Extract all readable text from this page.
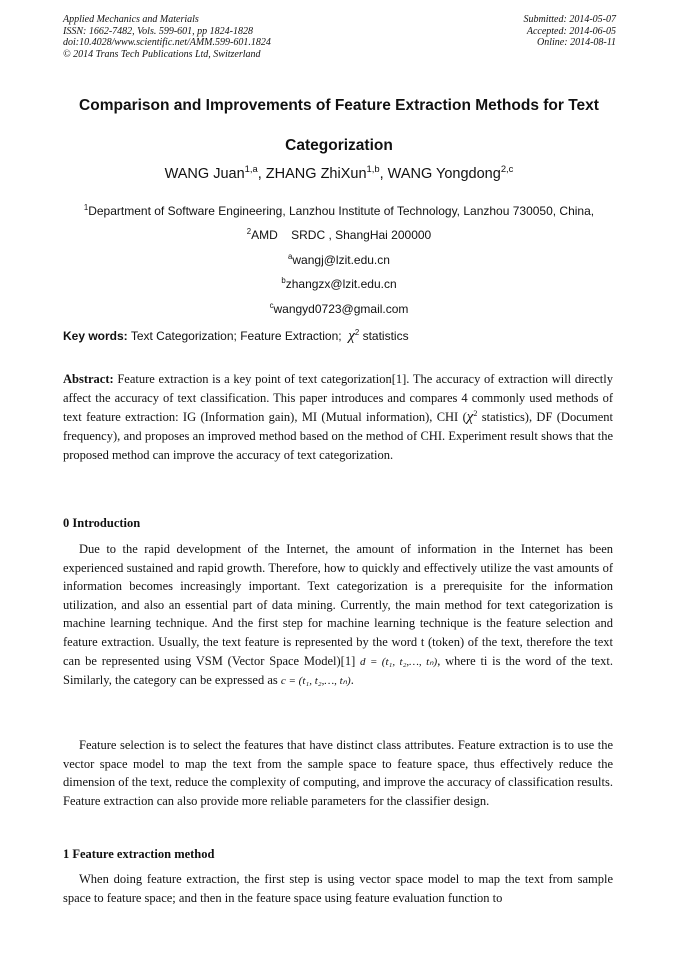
Applied Mechanics and Materials
ISSN: 1662-7482, Vols. 599-601, pp 1824-1828
doi:10.4028/www.scientific.net/AMM.599-601.1824
© 2014 Trans Tech Publications Ltd, Switzerland
Submitted: 2014-05-07
Accepted: 2014-06-05
Online: 2014-08-11
Comparison and Improvements of Feature Extraction Methods for Text
Categorization
WANG Juan$^{1,a}$, ZHANG ZhiXun$^{1,b}$, WANG Yongdong$^{2,c}$
$^1$Department of Software Engineering, Lanzhou Institute of Technology, Lanzhou 730050, China,
$^2$AMD    SRDC , ShangHai 200000
$^a$wangj@lzit.edu.cn
$^b$zhangzx@lzit.edu.cn
$^c$wangyd0723@gmail.com
Key words: Text Categorization; Feature Extraction; $\chi^2$ statistics
Abstract: Feature extraction is a key point of text categorization[1]. The accuracy of extraction will directly affect the accuracy of text classification. This paper introduces and compares 4 commonly used methods of text feature extraction: IG (Information gain), MI (Mutual information), CHI ($\chi^2$ statistics), DF (Document frequency), and proposes an improved method based on the method of CHI. Experiment result shows that the proposed method can improve the accuracy of text categorization.
0 Introduction
Due to the rapid development of the Internet, the amount of information in the Internet has been experienced sustained and rapid growth. Therefore, how to quickly and effectively utilize the vast amounts of information becomes increasingly important. Text categorization is a prerequisite for the information utilization, and also an essential part of data mining. Currently, the main method for text categorization is machine learning technique. And the first step for machine learning technique is the feature selection and feature extraction. Usually, the text feature is represented by the word t (token) of the text, therefore the text can be represented using VSM (Vector Space Model)[1] d = (t₁, t₂,…, tₙ), where ti is the word of the text. Similarly, the category can be expressed as c = (t₁, t₂,…, tₙ).
Feature selection is to select the features that have distinct class attributes. Feature extraction is to use the vector space model to map the text from the sample space to feature space, thus effectively reduce the dimension of the text, reduce the complexity of computing, and improve the accuracy of classification results. Feature extraction can also provide more reliable parameters for the classifier design.
1 Feature extraction method
When doing feature extraction, the first step is using vector space model to map the text from sample space to feature space; and then in the feature space using feature evaluation function to
